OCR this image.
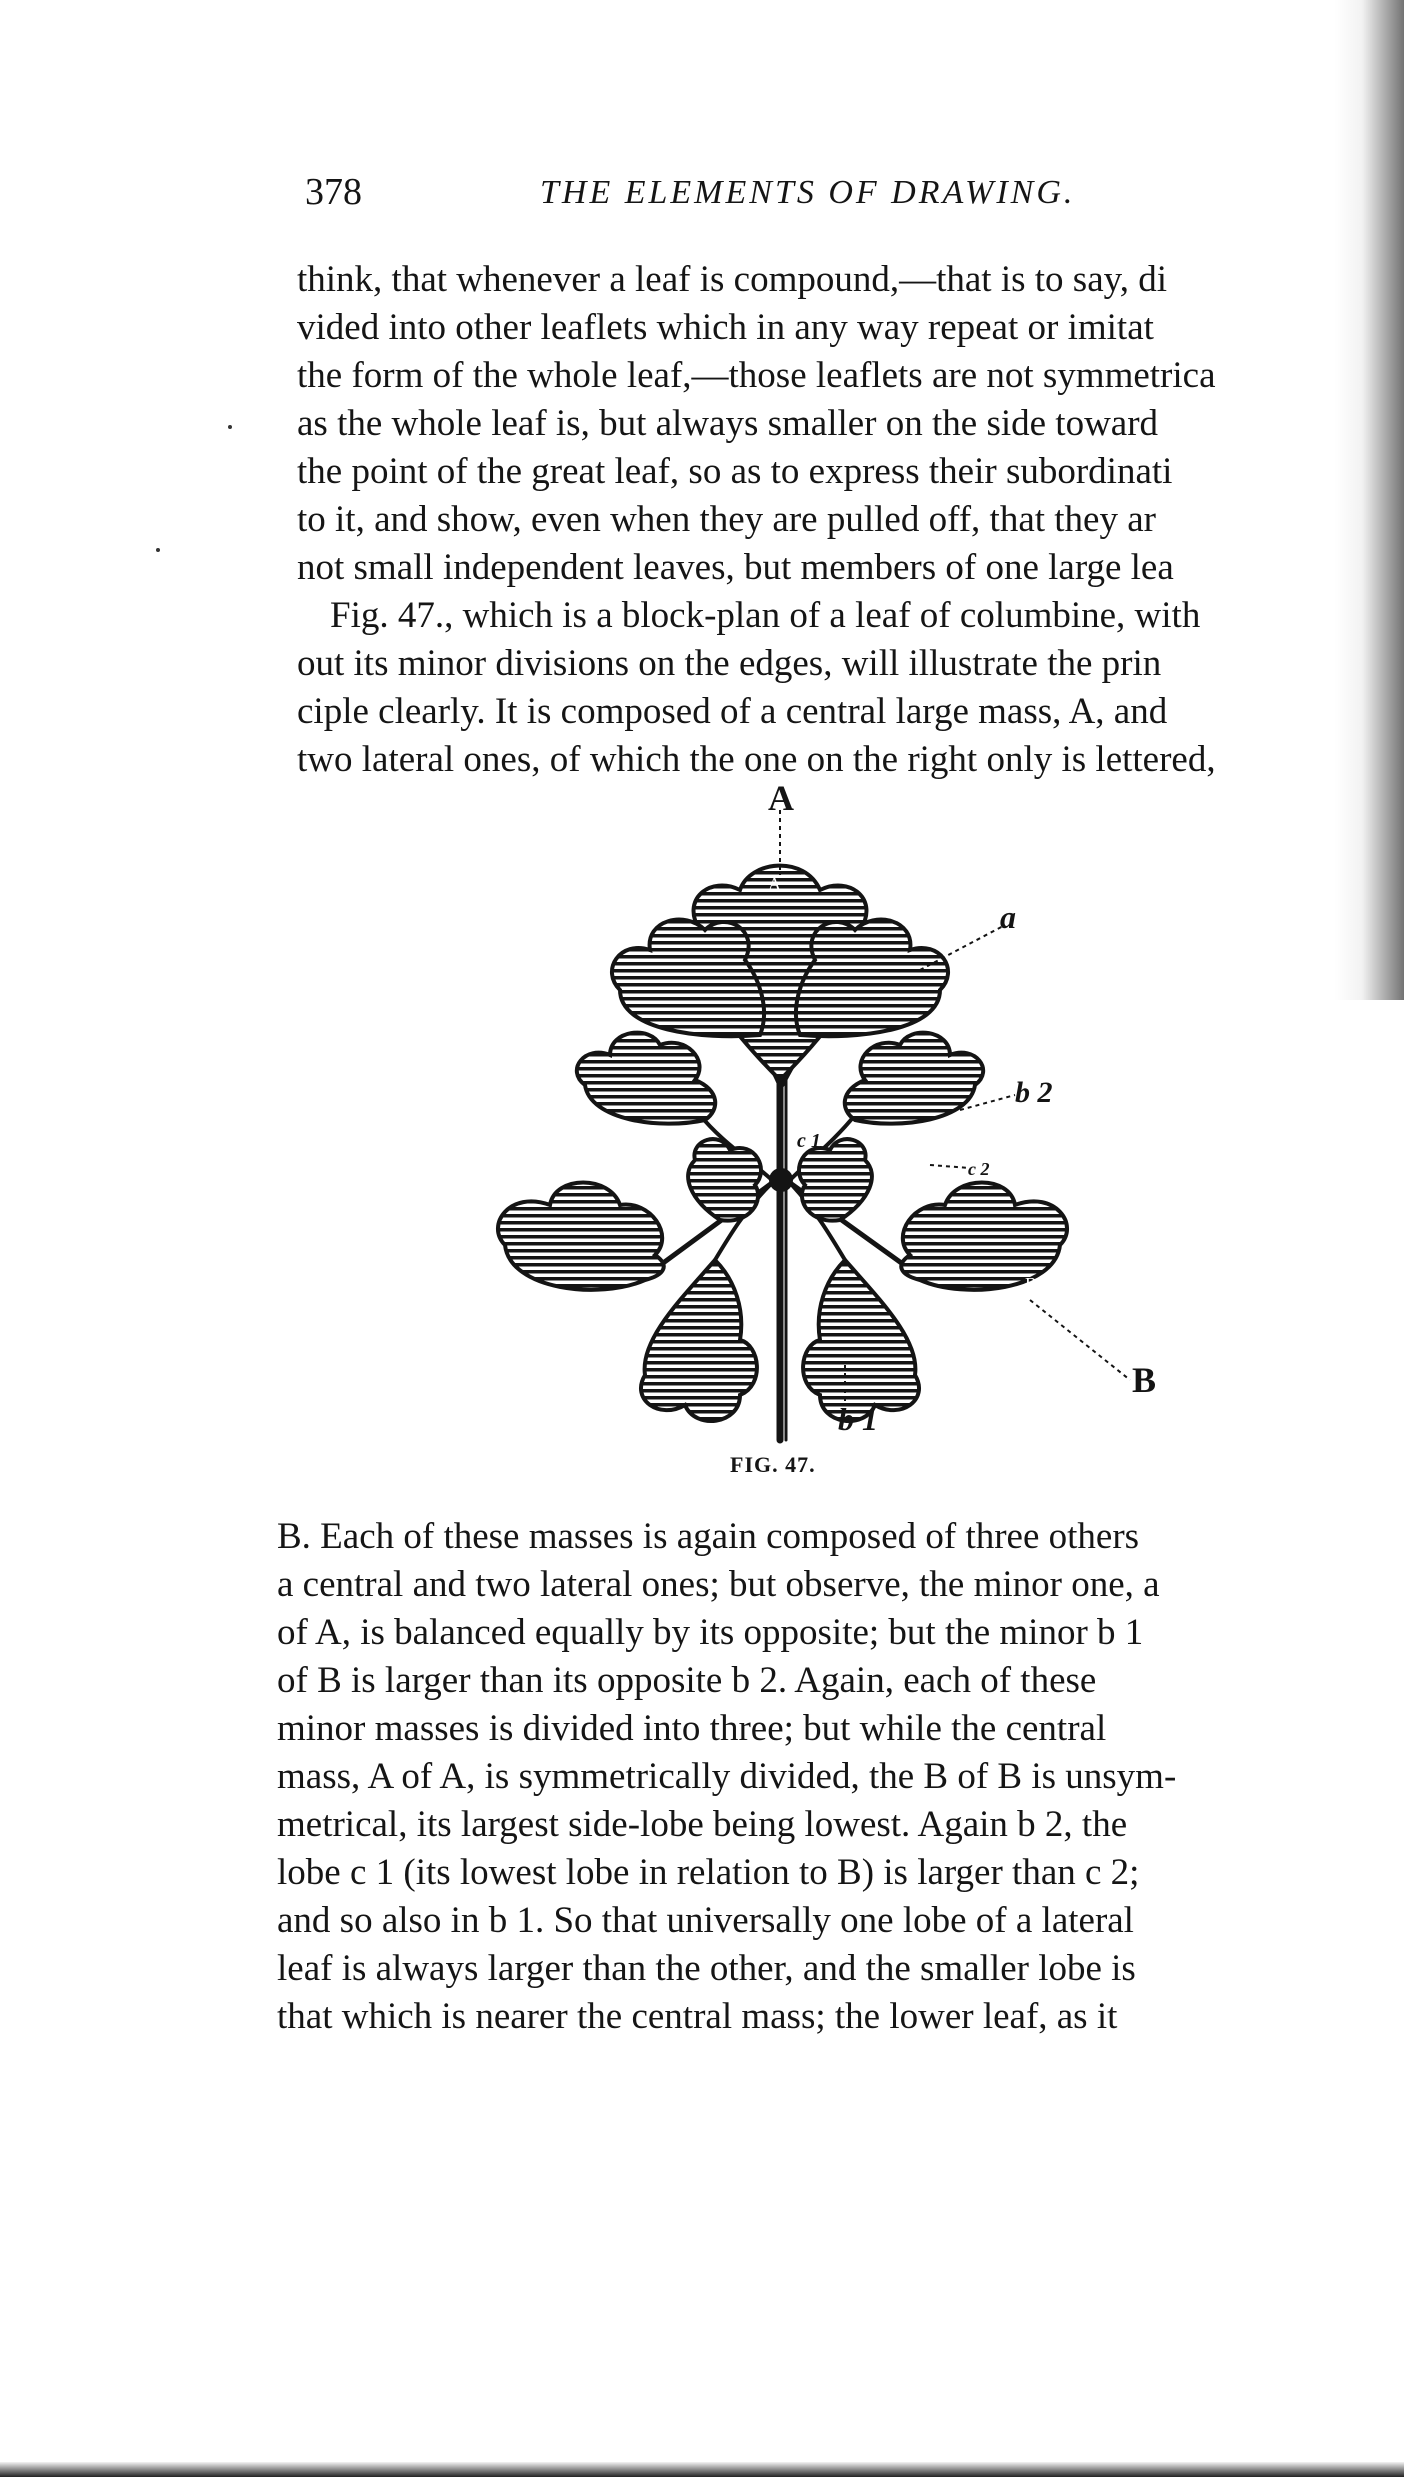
378	THE ELEMENTS OF DRAWING.

think, that whenever a leaf is compound,—that is to say, di

vided into other leaflets which in any way repeat or imitat

the form of the whole leaf,—those leaflets are not symmetrica

as the whole leaf is, but always smaller on the side toward

the point of the great leaf, so as to express their subordinati

to it, and show, even when they are pulled off, that they ar

not small independent leaves, but members of one large lea

Fig. 47., which is a block-plan of a leaf of columbine, with

out its minor divisions on the edges, will illustrate the prin

ciple clearly. It is composed of a central large mass, A, and

two lateral ones, of which the one on the right only is lettered,

A
A
a
b 2
c 1
c 2
B
B
b 1
FIG. 47.

B. Each of these masses is again composed of three others

a central and two lateral ones; but observe, the minor one, a

of A, is balanced equally by its opposite; but the minor b 1

of B is larger than its opposite b 2. Again, each of these

minor masses is divided into three; but while the central

mass, A of A, is symmetrically divided, the B of B is unsym-

metrical, its largest side-lobe being lowest. Again b 2, the

lobe c 1 (its lowest lobe in relation to B) is larger than c 2;

and so also in b 1. So that universally one lobe of a lateral

leaf is always larger than the other, and the smaller lobe is

that which is nearer the central mass; the lower leaf, as it
